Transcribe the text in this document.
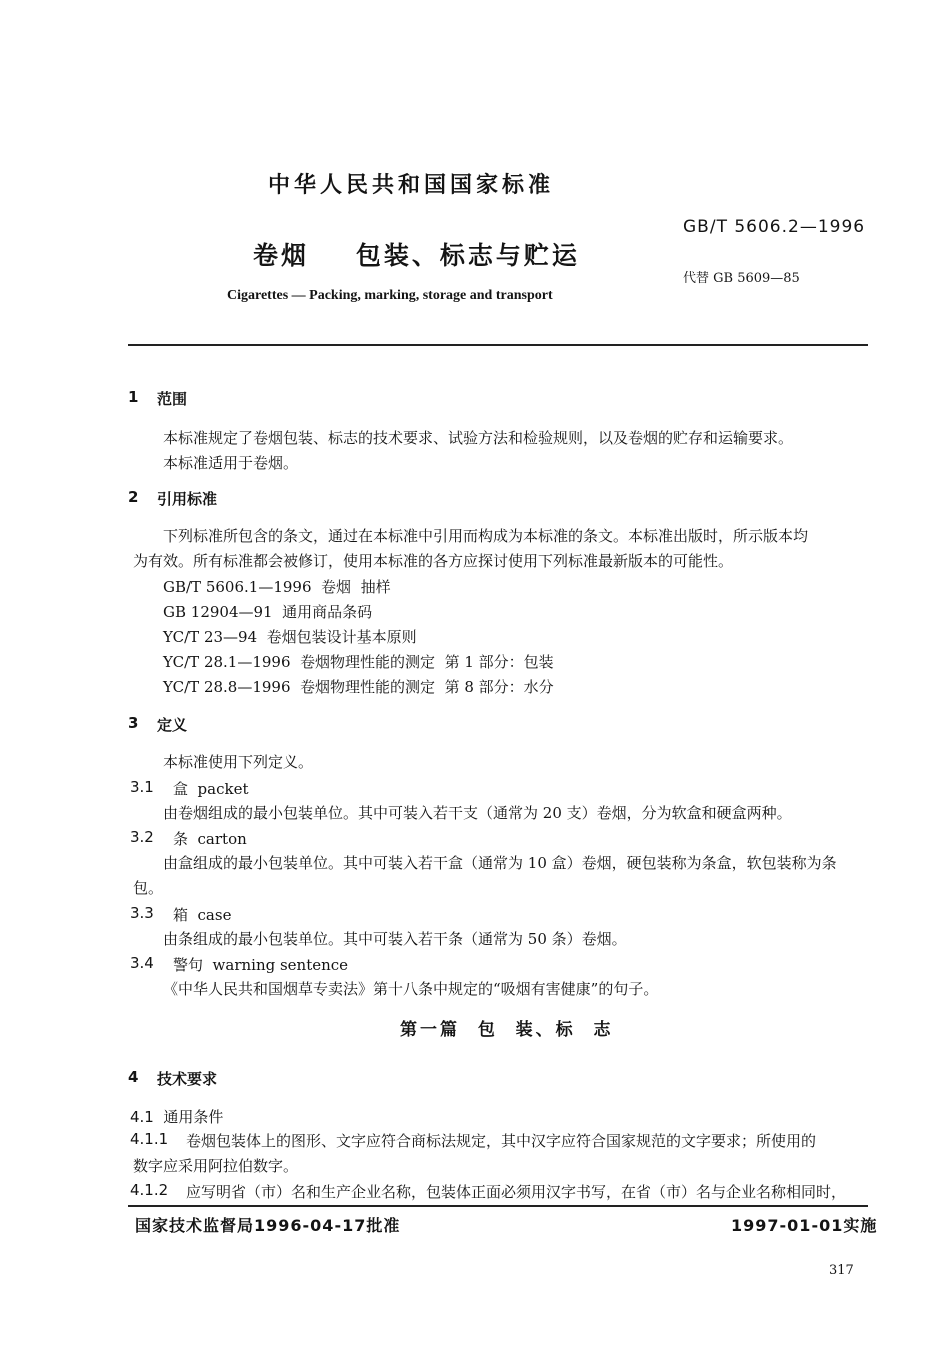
中华人民共和国国家标准
GB/T 5606.2—1996
卷烟    包装、标志与贮运
代替 GB 5609—85
Cigarettes — Packing, marking, storage and transport
1 范围
本标准规定了卷烟包装、标志的技术要求、试验方法和检验规则，以及卷烟的贮存和运输要求。
本标准适用于卷烟。
2 引用标准
下列标准所包含的条文，通过在本标准中引用而构成为本标准的条文。本标准出版时，所示版本均
为有效。所有标准都会被修订，使用本标准的各方应探讨使用下列标准最新版本的可能性。
GB/T 5606.1—1996  卷烟  抽样
GB 12904—91  通用商品条码
YC/T 23—94  卷烟包装设计基本原则
YC/T 28.1—1996  卷烟物理性能的测定  第 1 部分：包装
YC/T 28.8—1996  卷烟物理性能的测定  第 8 部分：水分
3 定义
本标准使用下列定义。
3.1 盒  packet
由卷烟组成的最小包装单位。其中可装入若干支（通常为 20 支）卷烟，分为软盒和硬盒两种。
3.2 条  carton
由盒组成的最小包装单位。其中可装入若干盒（通常为 10 盒）卷烟，硬包装称为条盒，软包装称为条
包。
3.3 箱  case
由条组成的最小包装单位。其中可装入若干条（通常为 50 条）卷烟。
3.4 警句  warning sentence
《中华人民共和国烟草专卖法》第十八条中规定的“吸烟有害健康”的句子。
第一篇  包  装、标  志
4 技术要求
4.1  通用条件
4.1.1 卷烟包装体上的图形、文字应符合商标法规定，其中汉字应符合国家规范的文字要求；所使用的
数字应采用阿拉伯数字。
4.1.2 应写明省（市）名和生产企业名称，包装体正面必须用汉字书写，在省（市）名与企业名称相同时，
国家技术监督局1996-04-17批准	1997-01-01实施
317
